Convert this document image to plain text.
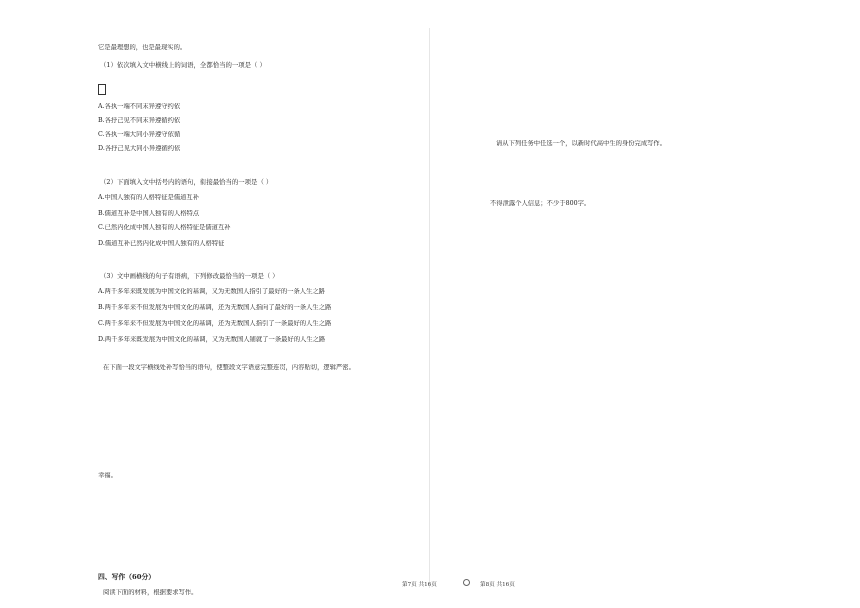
第7页 共16页	第8页 共16页
它是最理想的，也是最现实的。
（1）依次填入文中横线上的词语，全都恰当的一项是（ ）
A.各执一端不同末异遵守约依
B.各抒己见不同末异遵循约依
C.各执一端大同小异遵守依循
D.各抒己见大同小异遵循约依
（2）下面填入文中括号内的语句，衔接最恰当的一项是（ ）
A.中国人独有的人格特征是儒道互补
B.儒道互补是中国人独有的人格特点
C.已然内化成中国人独有的人格特征是儒道互补
D.儒道互补已然内化成中国人独有的人格特征
（3）文中画横线的句子有语病，下列修改最恰当的一项是（ ）
A.两千多年来既发展为中国文化的基调，又为无数国人指引了最好的一条人生之路
B.两千多年来不但发展为中国文化的基调，还为无数国人指向了最好的一条人生之路
C.两千多年来不但发展为中国文化的基调，还为无数国人指引了一条最好的人生之路
D.两千多年来既发展为中国文化的基调，又为无数国人铺就了一条最好的人生之路
在下面一段文字横线处补写恰当的语句，使整段文字语意完整连贯，内容贴切，逻辑严密。
幸福。
四、写作（60分）
阅读下面的材料，根据要求写作。
请从下列任务中任选一个，以新时代高中生的身份完成写作。
不得泄露个人信息；不少于800字。
